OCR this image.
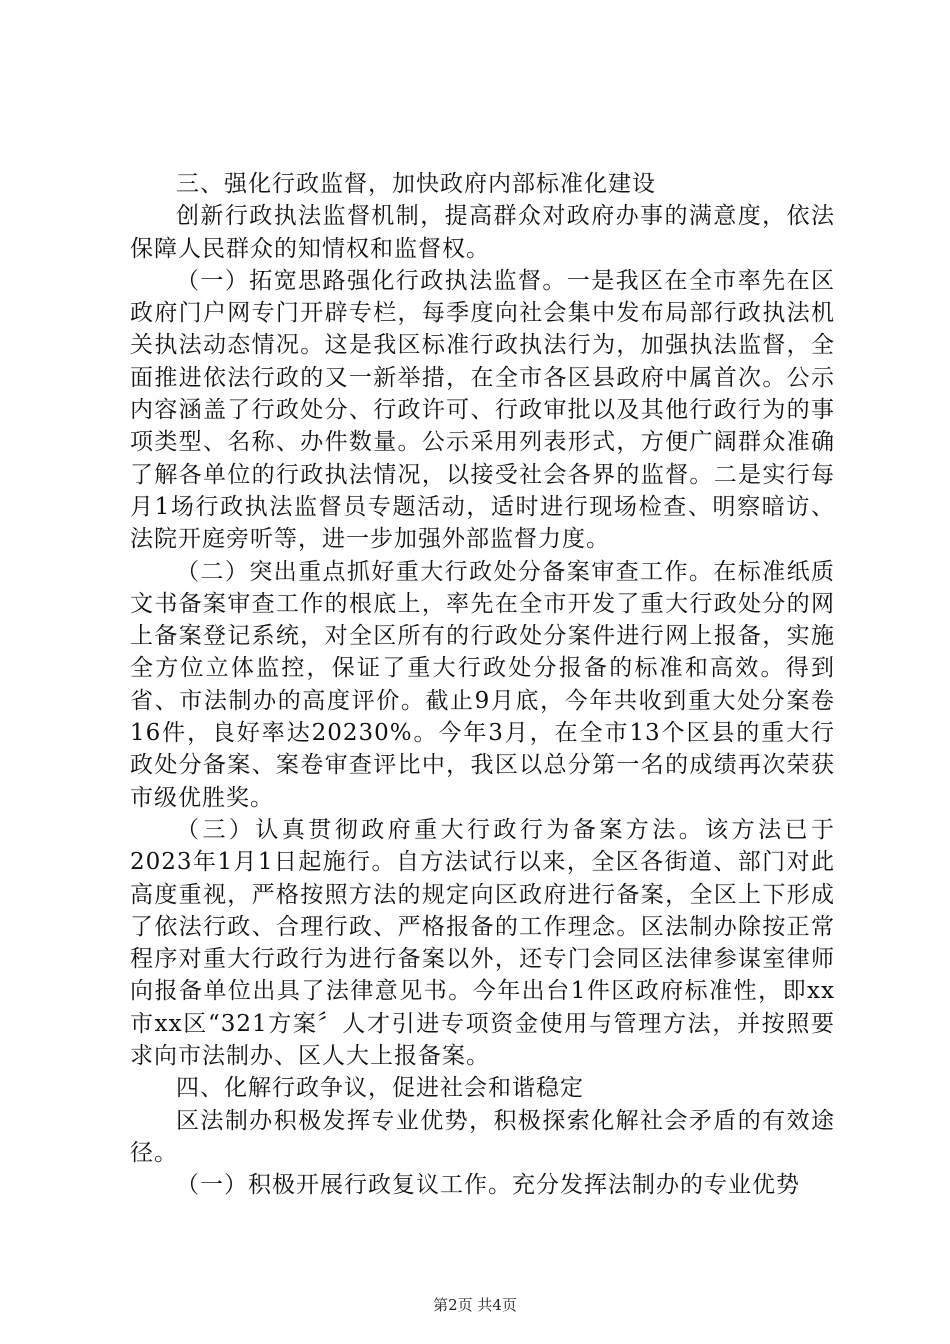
三、强化行政监督，加快政府内部标准化建设

创新行政执法监督机制，提高群众对政府办事的满意度，依法保障人民群众的知情权和监督权。

（一）拓宽思路强化行政执法监督。一是我区在全市率先在区政府门户网专门开辟专栏，每季度向社会集中发布局部行政执法机关执法动态情况。这是我区标准行政执法行为，加强执法监督，全面推进依法行政的又一新举措，在全市各区县政府中属首次。公示内容涵盖了行政处分、行政许可、行政审批以及其他行政行为的事项类型、名称、办件数量。公示采用列表形式，方便广阔群众准确了解各单位的行政执法情况，以接受社会各界的监督。二是实行每月1场行政执法监督员专题活动，适时进行现场检查、明察暗访、法院开庭旁听等，进一步加强外部监督力度。

（二）突出重点抓好重大行政处分备案审查工作。在标准纸质文书备案审查工作的根底上，率先在全市开发了重大行政处分的网上备案登记系统，对全区所有的行政处分案件进行网上报备，实施全方位立体监控，保证了重大行政处分报备的标准和高效。得到省、市法制办的高度评价。截止9月底，今年共收到重大处分案卷16件，良好率达20230%。今年3月，在全市13个区县的重大行政处分备案、案卷审查评比中，我区以总分第一名的成绩再次荣获市级优胜奖。

（三）认真贯彻政府重大行政行为备案方法。该方法已于2023年1月1日起施行。自方法试行以来，全区各街道、部门对此高度重视，严格按照方法的规定向区政府进行备案，全区上下形成了依法行政、合理行政、严格报备的工作理念。区法制办除按正常程序对重大行政行为进行备案以外，还专门会同区法律参谋室律师向报备单位出具了法律意见书。今年出台1件区政府标准性，即xx市xx区“321方案〞人才引进专项资金使用与管理方法，并按照要求向市法制办、区人大上报备案。

四、化解行政争议，促进社会和谐稳定

区法制办积极发挥专业优势，积极探索化解社会矛盾的有效途径。

（一）积极开展行政复议工作。充分发挥法制办的专业优势

第2页 共4页
